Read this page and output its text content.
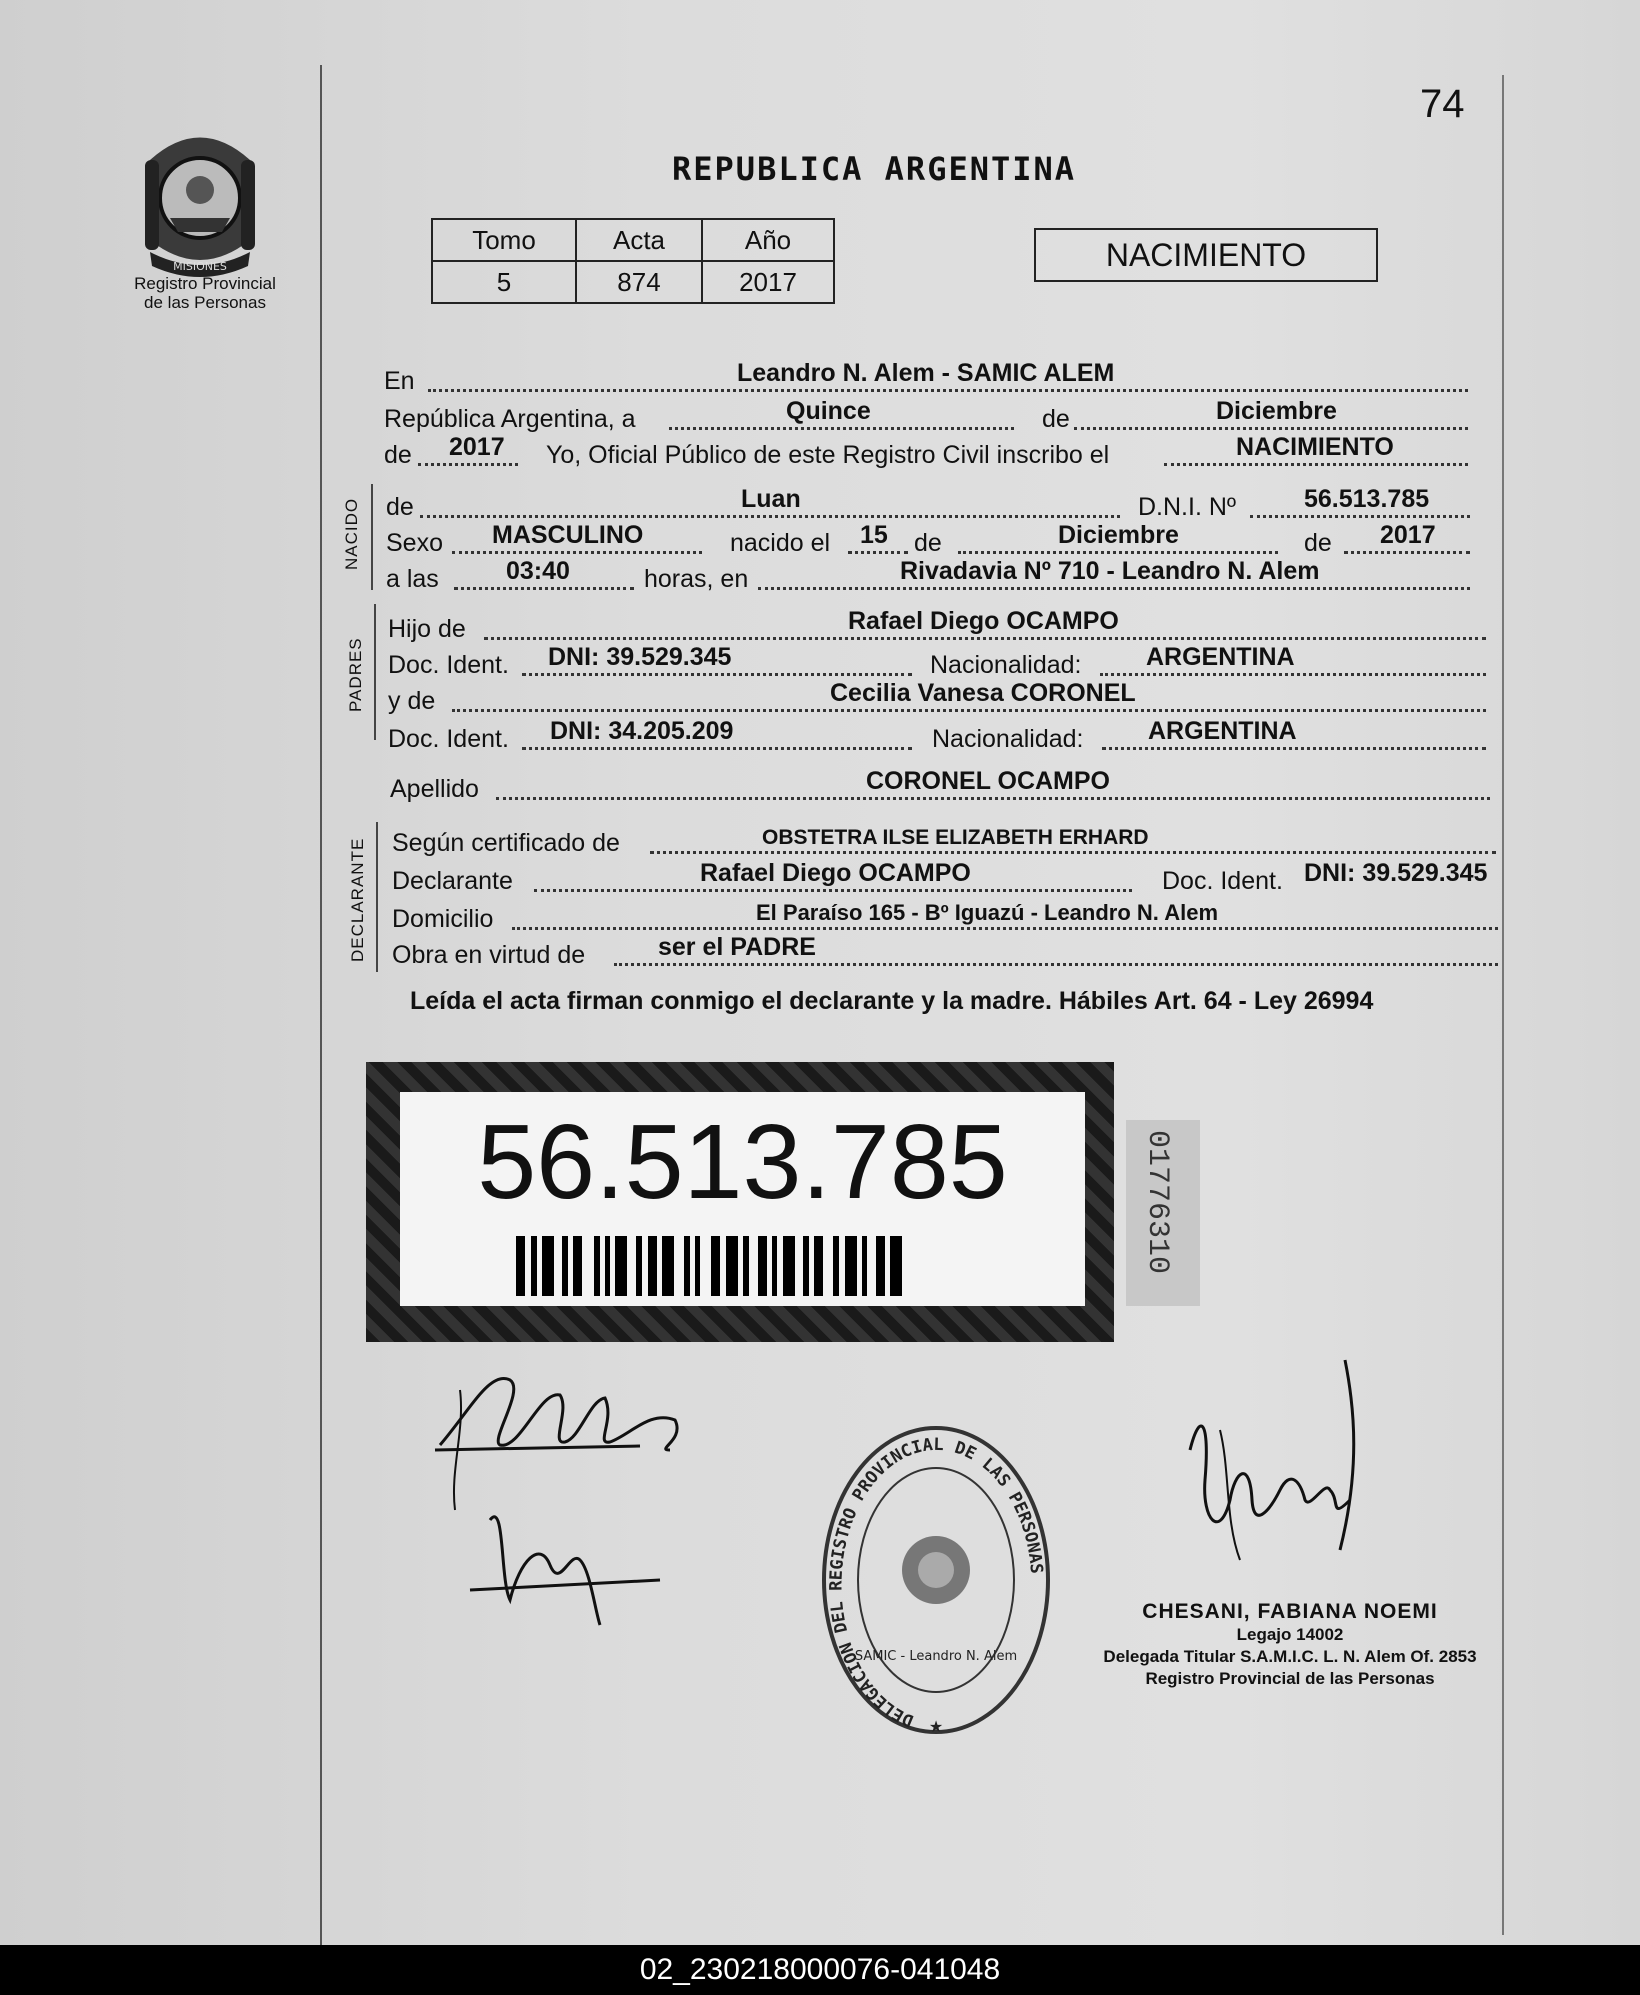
74
MISIONES
Registro Provincial
de las Personas
REPUBLICA ARGENTINA
Tomo	Acta	Año
5	874	2017
NACIMIENTO
En	Leandro N. Alem - SAMIC ALEM
República Argentina, a	Quince	de	Diciembre
de 2017 Yo, Oficial Público de este Registro Civil inscribo el	NACIMIENTO
NACIDO de	Luan	D.N.I. Nº	56.513.785
Sexo MASCULINO	nacido el 15 de	Diciembre	de 2017
a las	03:40	horas, en	Rivadavia Nº 710 - Leandro N. Alem
PADRES
Hijo de	Rafael Diego OCAMPO
Doc. Ident. DNI: 39.529.345	Nacionalidad:	ARGENTINA
y de	Cecilia Vanesa CORONEL
Doc. Ident. DNI: 34.205.209	Nacionalidad:	ARGENTINA
Apellido	CORONEL OCAMPO
DECLARANTE Según certificado de	OBSTETRA ILSE ELIZABETH ERHARD
Declarante	Rafael Diego OCAMPO	Doc. Ident. DNI: 39.529.345
Domicilio	El Paraíso 165 - Bº Iguazú - Leandro N. Alem
Obra en virtud de	ser el PADRE
Leída el acta firman conmigo el declarante y la madre. Hábiles Art. 64 - Ley 26994
56.513.785	01776310
DELEGACION DEL REGISTRO PROVINCIAL DE LAS PERSONAS
SAMIC - Leandro N. Alem
★
CHESANI, FABIANA NOEMI
Legajo 14002
Delegada Titular S.A.M.I.C. L. N. Alem Of. 2853
Registro Provincial de las Personas
02_230218000076-041048
